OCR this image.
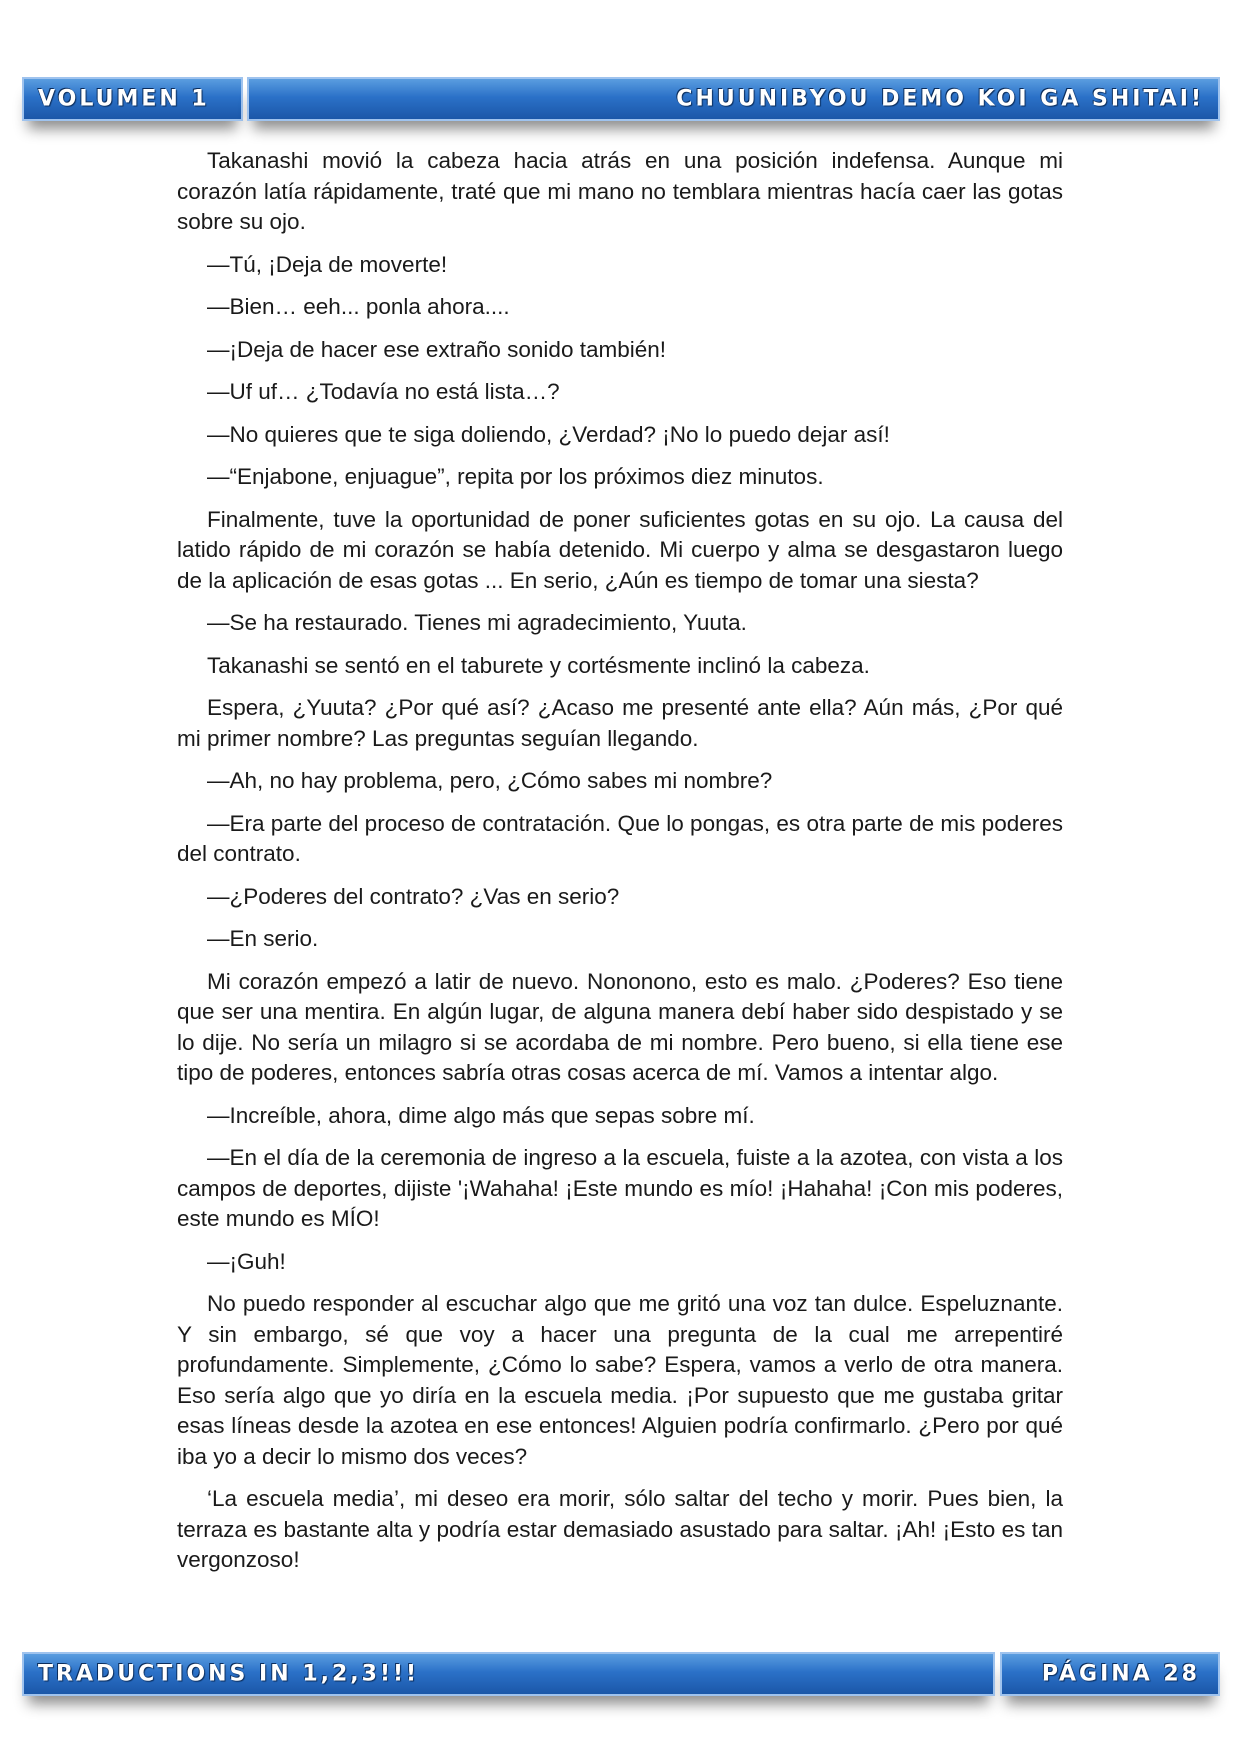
VOLUMEN 1	CHUUNIBYOU DEMO KOI GA SHITAI!

Takanashi movió la cabeza hacia atrás en una posición indefensa. Aunque mi corazón latía rápidamente, traté que mi mano no temblara mientras hacía caer las gotas sobre su ojo.

—Tú, ¡Deja de moverte!

—Bien… eeh... ponla ahora....

—¡Deja de hacer ese extraño sonido también!

—Uf uf… ¿Todavía no está lista…?

—No quieres que te siga doliendo, ¿Verdad? ¡No lo puedo dejar así!

—“Enjabone, enjuague”, repita por los próximos diez minutos.

Finalmente, tuve la oportunidad de poner suficientes gotas en su ojo. La causa del latido rápido de mi corazón se había detenido. Mi cuerpo y alma se desgastaron luego de la aplicación de esas gotas ... En serio, ¿Aún es tiempo de tomar una siesta?

—Se ha restaurado. Tienes mi agradecimiento, Yuuta.

Takanashi se sentó en el taburete y cortésmente inclinó la cabeza.

Espera, ¿Yuuta? ¿Por qué así? ¿Acaso me presenté ante ella? Aún más, ¿Por qué mi primer nombre? Las preguntas seguían llegando.

—Ah, no hay problema, pero, ¿Cómo sabes mi nombre?

—Era parte del proceso de contratación. Que lo pongas, es otra parte de mis poderes del contrato.

—¿Poderes del contrato? ¿Vas en serio?

—En serio.

Mi corazón empezó a latir de nuevo. Nononono, esto es malo. ¿Poderes? Eso tiene que ser una mentira. En algún lugar, de alguna manera debí haber sido despistado y se lo dije. No sería un milagro si se acordaba de mi nombre. Pero bueno, si ella tiene ese tipo de poderes, entonces sabría otras cosas acerca de mí. Vamos a intentar algo.

—Increíble, ahora, dime algo más que sepas sobre mí.

—En el día de la ceremonia de ingreso a la escuela, fuiste a la azotea, con vista a los campos de deportes, dijiste '¡Wahaha! ¡Este mundo es mío! ¡Hahaha! ¡Con mis poderes, este mundo es MÍO!

—¡Guh!

No puedo responder al escuchar algo que me gritó una voz tan dulce. Espeluznante. Y sin embargo, sé que voy a hacer una pregunta de la cual me arrepentiré profundamente. Simplemente, ¿Cómo lo sabe? Espera, vamos a verlo de otra manera. Eso sería algo que yo diría en la escuela media. ¡Por supuesto que me gustaba gritar esas líneas desde la azotea en ese entonces! Alguien podría confirmarlo. ¿Pero por qué iba yo a decir lo mismo dos veces?

‘La escuela media’, mi deseo era morir, sólo saltar del techo y morir. Pues bien, la terraza es bastante alta y podría estar demasiado asustado para saltar. ¡Ah! ¡Esto es tan vergonzoso!

TRADUCTIONS IN 1,2,3!!!	PÁGINA 28
